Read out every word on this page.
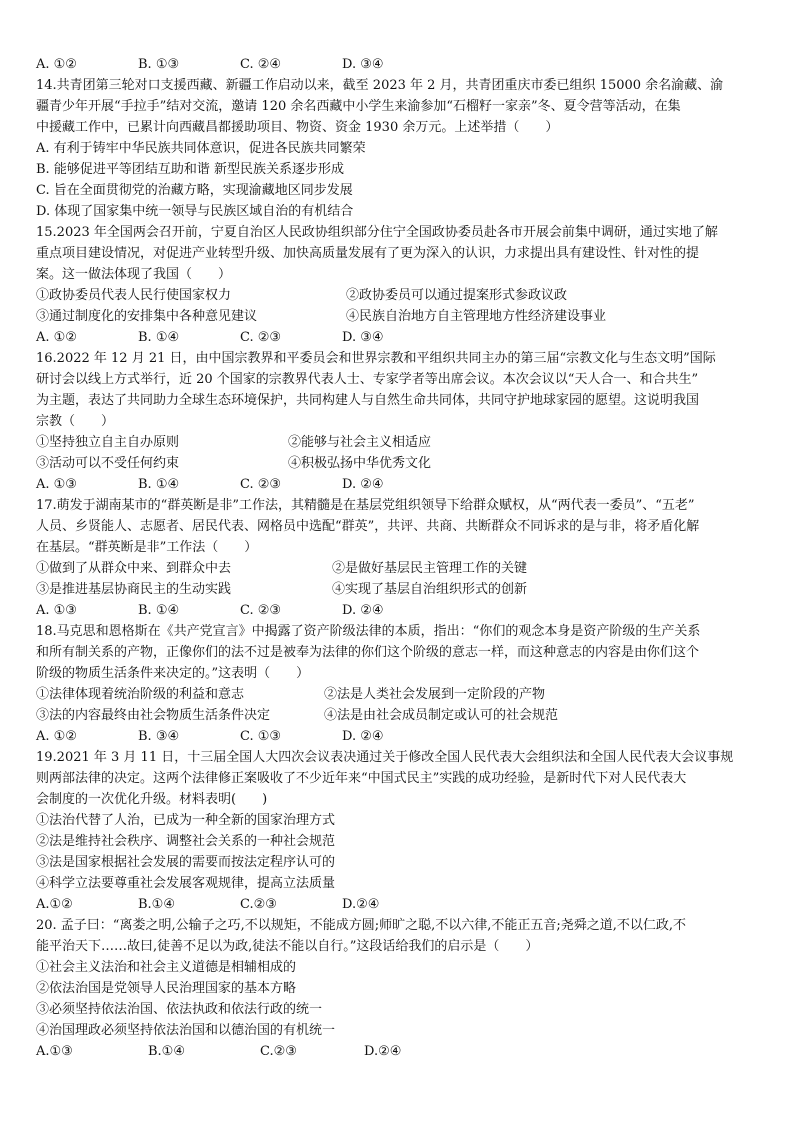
A. ①②	B. ①③	C. ②④	D. ③④
14.共青团第三轮对口支援西藏、新疆工作启动以来，截至 2023 年 2 月，共青团重庆市委已组织 15000 余名渝藏、渝
疆青少年开展“手拉手”结对交流，邀请 120 余名西藏中小学生来渝参加“石榴籽一家亲”冬、夏令营等活动，在集
中援藏工作中，已累计向西藏昌都援助项目、物资、资金 1930 余万元。上述举措（　　）
A. 有利于铸牢中华民族共同体意识，促进各民族共同繁荣
B. 能够促进平等团结互助和谐 新型民族关系逐步形成
C. 旨在全面贯彻党的治藏方略，实现渝藏地区同步发展
D. 体现了国家集中统一领导与民族区域自治的有机结合
15.2023 年全国两会召开前，宁夏自治区人民政协组织部分住宁全国政协委员赴各市开展会前集中调研，通过实地了解
重点项目建设情况，对促进产业转型升级、加快高质量发展有了更为深入的认识，力求提出具有建设性、针对性的提
案。这一做法体现了我国（　　）
①政协委员代表人民行使国家权力	②政协委员可以通过提案形式参政议政
③通过制度化的安排集中各种意见建议	④民族自治地方自主管理地方性经济建设事业
A. ①②	B. ①④	C. ②③	D. ③④
16.2022 年 12 月 21 日，由中国宗教界和平委员会和世界宗教和平组织共同主办的第三届“宗教文化与生态文明”国际
研讨会以线上方式举行，近 20 个国家的宗教界代表人士、专家学者等出席会议。本次会议以“天人合一、和合共生”
为主题，表达了共同助力全球生态环境保护，共同构建人与自然生命共同体，共同守护地球家园的愿望。这说明我国
宗教（　　）
①坚持独立自主自办原则	②能够与社会主义相适应
③活动可以不受任何约束	④积极弘扬中华优秀文化
A. ①③	B. ①④	C. ②③	D. ②④
17.萌发于湖南某市的“群英断是非”工作法，其精髓是在基层党组织领导下给群众赋权，从“两代表一委员”、“五老”
人员、乡贤能人、志愿者、居民代表、网格员中选配“群英”，共评、共商、共断群众不同诉求的是与非，将矛盾化解
在基层。“群英断是非”工作法（　　）
①做到了从群众中来、到群众中去	②是做好基层民主管理工作的关键
③是推进基层协商民主的生动实践	④实现了基层自治组织形式的创新
A. ①③	B. ①④	C. ②③	D. ②④
18.马克思和恩格斯在《共产党宣言》中揭露了资产阶级法律的本质，指出：“你们的观念本身是资产阶级的生产关系
和所有制关系的产物，正像你们的法不过是被奉为法律的你们这个阶级的意志一样，而这种意志的内容是由你们这个
阶级的物质生活条件来决定的。”这表明（　　）
①法律体现着统治阶级的利益和意志	②法是人类社会发展到一定阶段的产物
③法的内容最终由社会物质生活条件决定	④法是由社会成员制定或认可的社会规范
A. ①②	B. ③④	C. ①③	D. ②④
19.2021 年 3 月 11 日，十三届全国人大四次会议表决通过关于修改全国人民代表大会组织法和全国人民代表大会议事规
则两部法律的决定。这两个法律修正案吸收了不少近年来“中国式民主”实践的成功经验，是新时代下对人民代表大
会制度的一次优化升级。材料表明(　　)
①法治代替了人治，已成为一种全新的国家治理方式
②法是维持社会秩序、调整社会关系的一种社会规范
③法是国家根据社会发展的需要而按法定程序认可的
④科学立法要尊重社会发展客观规律，提高立法质量
A.①②	B.①④	C.②③	D.②④
20. 孟子曰：“离娄之明,公输子之巧,不以规矩，不能成方圆;师旷之聪,不以六律,不能正五音;尧舜之道,不以仁政,不
能平治天下……故曰,徒善不足以为政,徒法不能以自行。”这段话给我们的启示是（　　）
①社会主义法治和社会主义道德是相辅相成的
②依法治国是党领导人民治理国家的基本方略
③必须坚持依法治国、依法执政和依法行政的统一
④治国理政必须坚持依法治国和以德治国的有机统一
A.①③	B.①④	C.②③	D.②④
